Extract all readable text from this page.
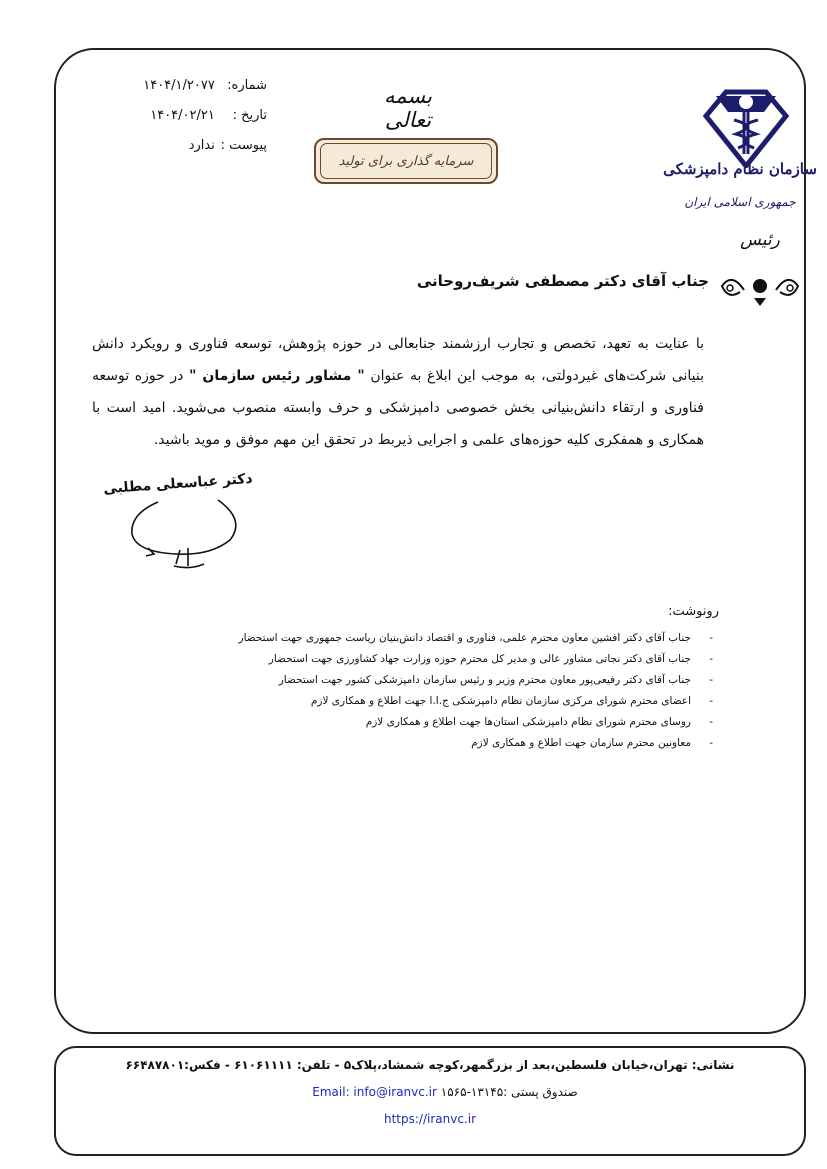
سازمان نظام دامپزشکی
جمهوری اسلامی ایران
رئیس
بسمه تعالی
سرمایه گذاری برای تولید
شماره: ۱۴۰۴/۱/۲۰۷۷
تاریخ : ۱۴۰۴/۰۲/۲۱
پیوست : ندارد
جناب آقای دکتر مصطفی شریف‌روحانی
با عنایت به تعهد، تخصص و تجارب ارزشمند جنابعالی در حوزه پژوهش، توسعه فناوری و رویکرد دانش بنیانی شرکت‌های غیردولتی، به موجب این ابلاغ به عنوان " مشاور رئیس سازمان " در حوزه توسعه فناوری و ارتقاء دانش‌بنیانی بخش خصوصی دامپزشکی و حرف وابسته منصوب می‌شوید. امید است با همکاری و همفکری کلیه حوزه‌های علمی و اجرایی ذیربط در تحقق این مهم موفق و موید باشید.
دکتر عباسعلی مطلبی
رونوشت:
- جناب آقای دکتر افشین معاون محترم علمی، فناوری و اقتصاد دانش‌بنیان ریاست جمهوری جهت استحضار
- جناب آقای دکتر نجاتی مشاور عالی و مدیر کل محترم حوزه وزارت جهاد کشاورزی جهت استحضار
- جناب آقای دکتر رفیعی‌پور معاون محترم وزیر و رئیس سازمان دامپزشکی کشور جهت استحضار
- اعضای محترم شورای مرکزی سازمان نظام دامپزشکی ج.ا.ا جهت اطلاع و همکاری لازم
- روسای محترم شورای نظام دامپزشکی استان‌ها جهت اطلاع و همکاری لازم
- معاونین محترم سازمان جهت اطلاع و همکاری لازم
نشانی: تهران،خیابان فلسطین،بعد از بزرگمهر،کوچه شمشاد،پلاک۵ - تلفن: ۶۱۰۶۱۱۱۱ - فکس:۶۶۴۸۷۸۰۱
صندوق پستی :۱۳۱۴۵-۱۵۶۵ Email: info@iranvc.ir
https://iranvc.ir
